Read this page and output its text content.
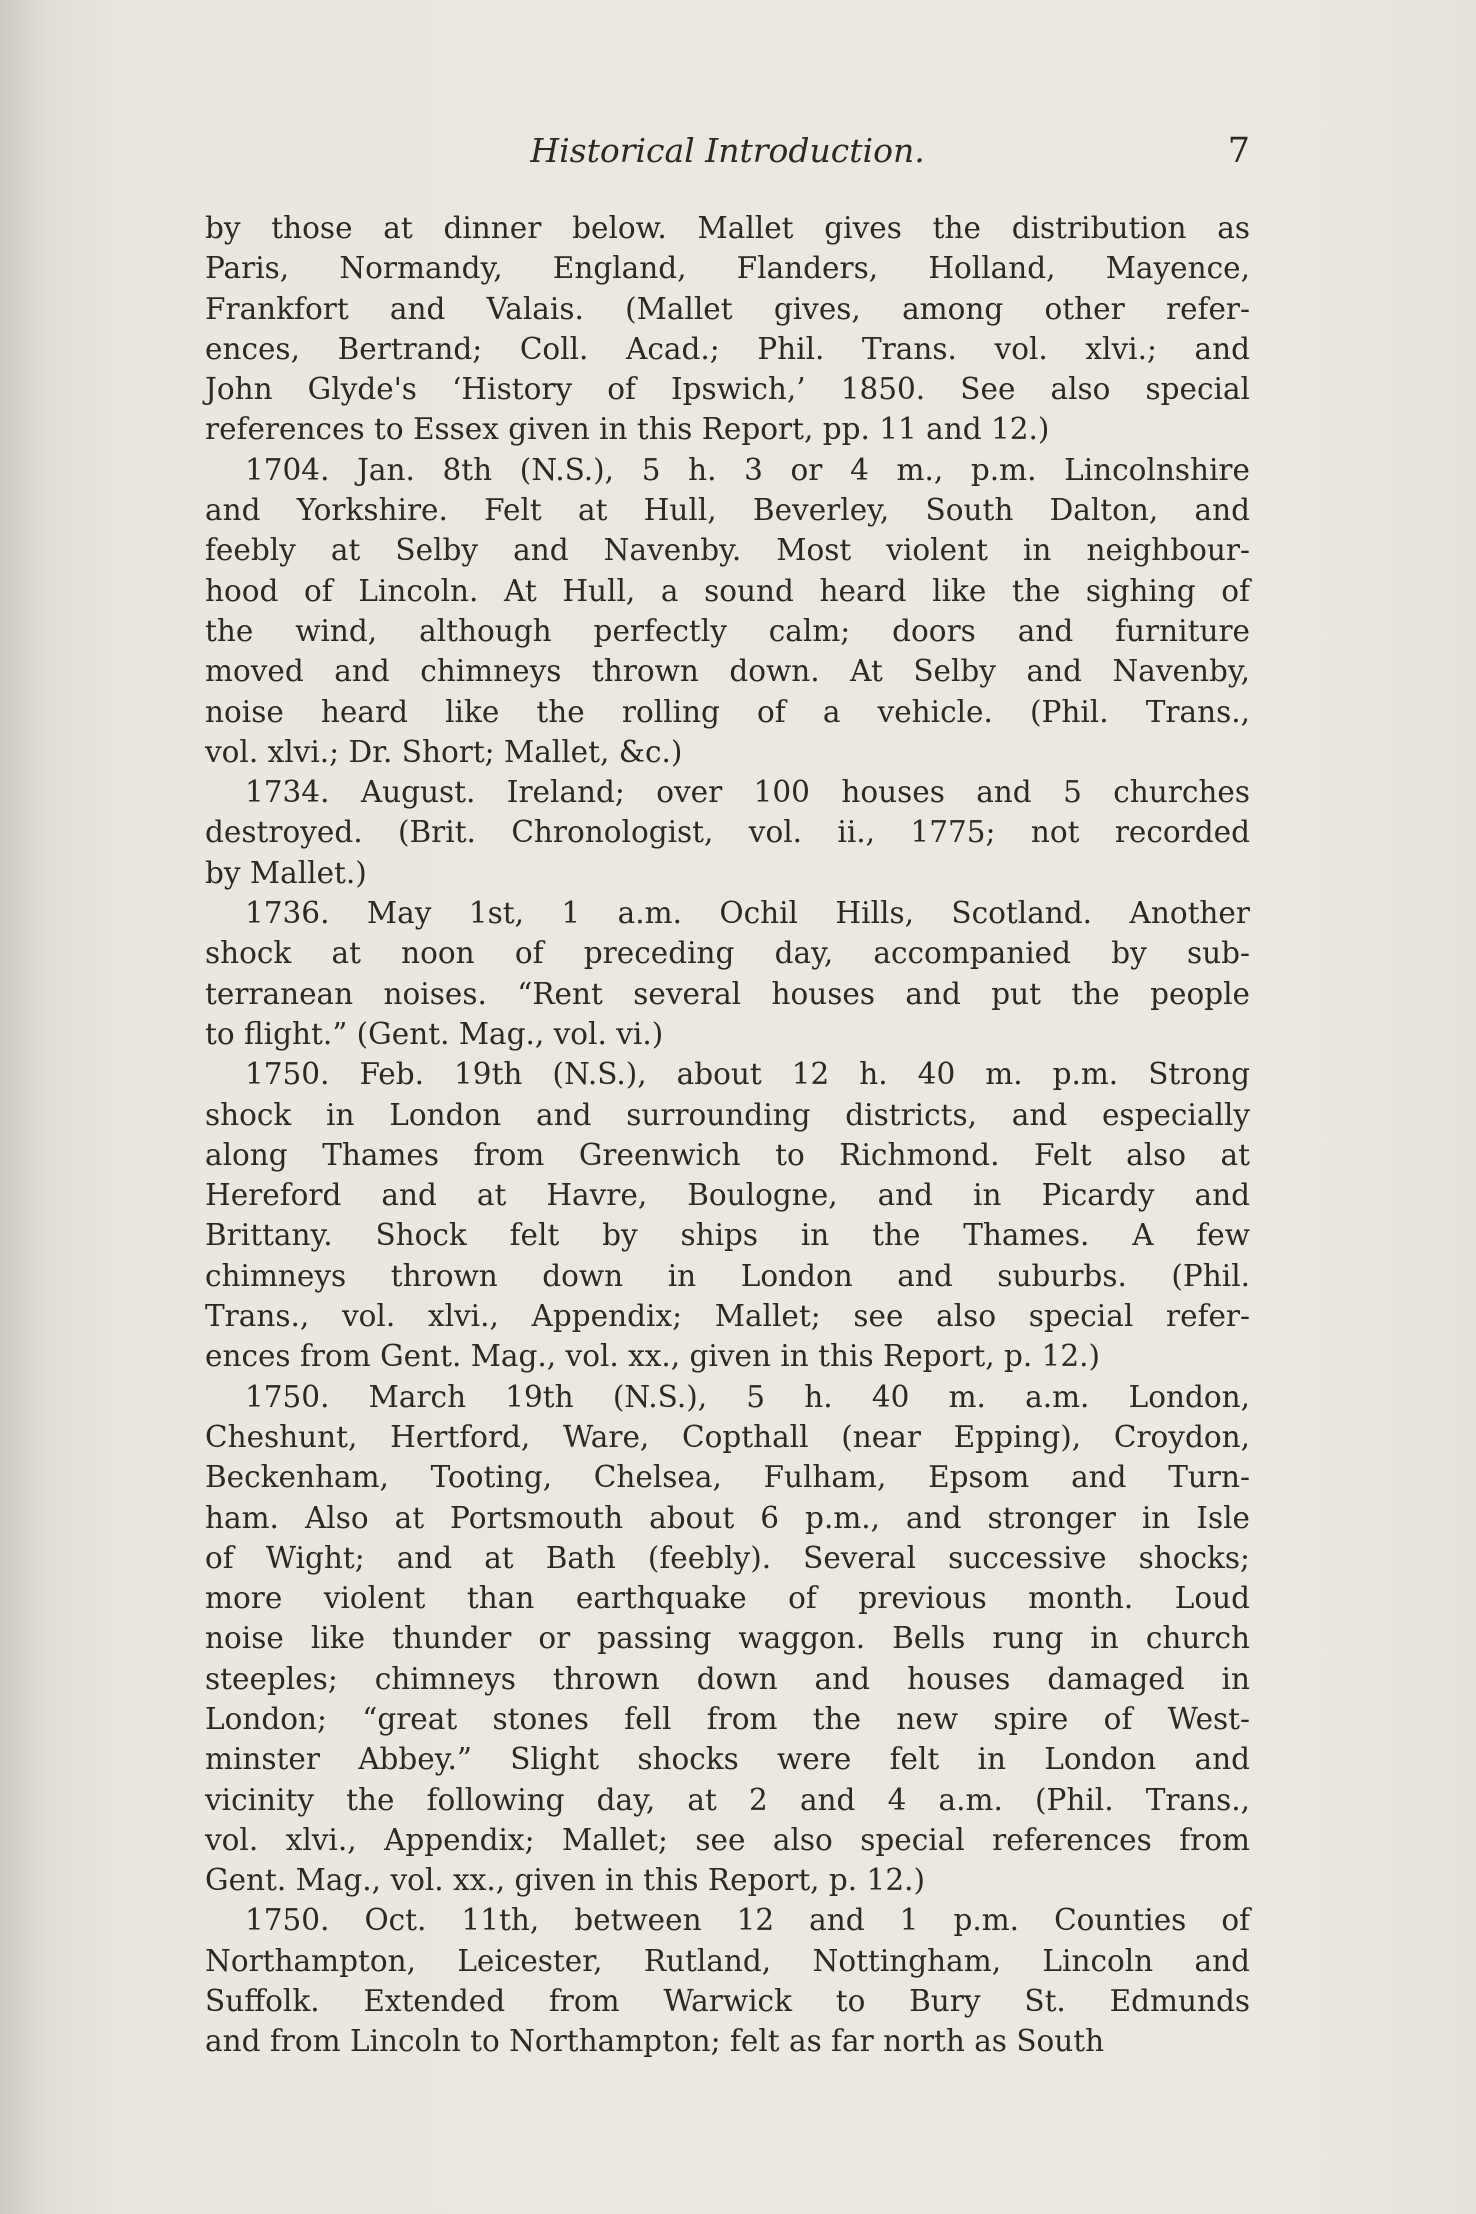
Historical Introduction.	7
by those at dinner below. Mallet gives the distribution as
Paris, Normandy, England, Flanders, Holland, Mayence,
Frankfort and Valais. (Mallet gives, among other refer-
ences, Bertrand; Coll. Acad.; Phil. Trans. vol. xlvi.; and
John Glyde's ‘History of Ipswich,’ 1850. See also special
references to Essex given in this Report, pp. 11 and 12.)
1704. Jan. 8th (N.S.), 5 h. 3 or 4 m., p.m. Lincolnshire
and Yorkshire. Felt at Hull, Beverley, South Dalton, and
feebly at Selby and Navenby. Most violent in neighbour-
hood of Lincoln. At Hull, a sound heard like the sighing of
the wind, although perfectly calm; doors and furniture
moved and chimneys thrown down. At Selby and Navenby,
noise heard like the rolling of a vehicle. (Phil. Trans.,
vol. xlvi.; Dr. Short; Mallet, &c.)
1734. August. Ireland; over 100 houses and 5 churches
destroyed. (Brit. Chronologist, vol. ii., 1775; not recorded
by Mallet.)
1736. May 1st, 1 a.m. Ochil Hills, Scotland. Another
shock at noon of preceding day, accompanied by sub-
terranean noises. “Rent several houses and put the people
to flight.” (Gent. Mag., vol. vi.)
1750. Feb. 19th (N.S.), about 12 h. 40 m. p.m. Strong
shock in London and surrounding districts, and especially
along Thames from Greenwich to Richmond. Felt also at
Hereford and at Havre, Boulogne, and in Picardy and
Brittany. Shock felt by ships in the Thames. A few
chimneys thrown down in London and suburbs. (Phil.
Trans., vol. xlvi., Appendix; Mallet; see also special refer-
ences from Gent. Mag., vol. xx., given in this Report, p. 12.)
1750. March 19th (N.S.), 5 h. 40 m. a.m. London,
Cheshunt, Hertford, Ware, Copthall (near Epping), Croydon,
Beckenham, Tooting, Chelsea, Fulham, Epsom and Turn-
ham. Also at Portsmouth about 6 p.m., and stronger in Isle
of Wight; and at Bath (feebly). Several successive shocks;
more violent than earthquake of previous month. Loud
noise like thunder or passing waggon. Bells rung in church
steeples; chimneys thrown down and houses damaged in
London; “great stones fell from the new spire of West-
minster Abbey.” Slight shocks were felt in London and
vicinity the following day, at 2 and 4 a.m. (Phil. Trans.,
vol. xlvi., Appendix; Mallet; see also special references from
Gent. Mag., vol. xx., given in this Report, p. 12.)
1750. Oct. 11th, between 12 and 1 p.m. Counties of
Northampton, Leicester, Rutland, Nottingham, Lincoln and
Suffolk. Extended from Warwick to Bury St. Edmunds
and from Lincoln to Northampton; felt as far north as South
